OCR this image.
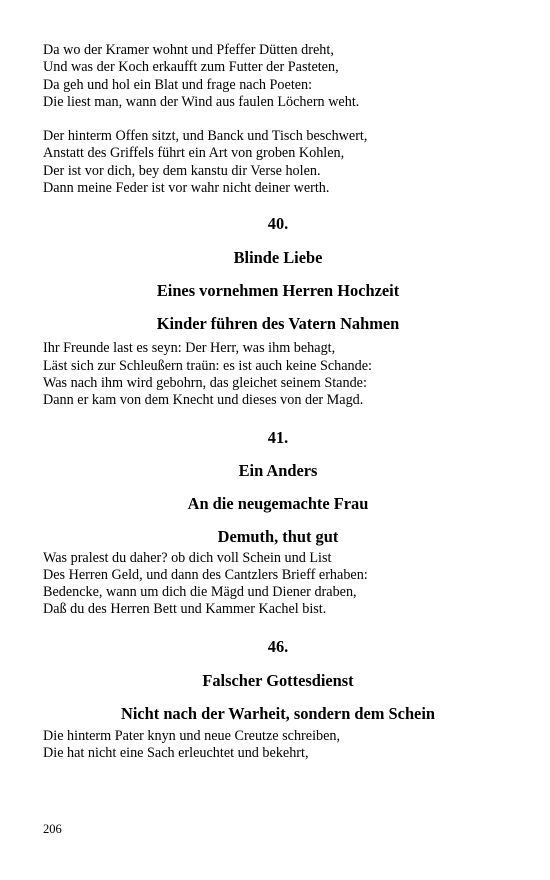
Da wo der Kramer wohnt und Pfeffer Dütten dreht,
Und was der Koch erkaufft zum Futter der Pasteten,
Da geh und hol ein Blat und frage nach Poeten:
Die liest man, wann der Wind aus faulen Löchern weht.
Der hinterm Offen sitzt, und Banck und Tisch beschwert,
Anstatt des Griffels führt ein Art von groben Kohlen,
Der ist vor dich, bey dem kanstu dir Verse holen.
Dann meine Feder ist vor wahr nicht deiner werth.
40.
Blinde Liebe
Eines vornehmen Herren Hochzeit
Kinder führen des Vatern Nahmen
Ihr Freunde last es seyn: Der Herr, was ihm behagt,
Läst sich zur Schleußern traün: es ist auch keine Schande:
Was nach ihm wird gebohrn, das gleichet seinem Stande:
Dann er kam von dem Knecht und dieses von der Magd.
41.
Ein Anders
An die neugemachte Frau
Demuth, thut gut
Was pralest du daher? ob dich voll Schein und List
Des Herren Geld, und dann des Cantzlers Brieff erhaben:
Bedencke, wann um dich die Mägd und Diener draben,
Daß du des Herren Bett und Kammer Kachel bist.
46.
Falscher Gottesdienst
Nicht nach der Warheit, sondern dem Schein
Die hinterm Pater knyn und neue Creutze schreiben,
Die hat nicht eine Sach erleuchtet und bekehrt,
206
